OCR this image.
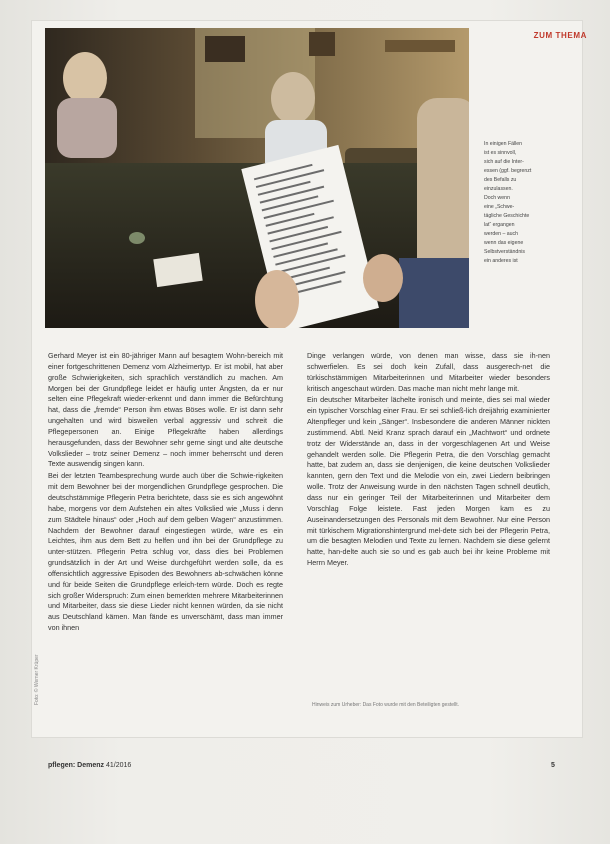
ZUM THEMA
In einigen Fällen
ist es sinnvoll,
sich auf die Inter-
essen (ggf. begrenzt
des Befalls zu
einzulassen.
Doch wenn
eine „Schwe-
tägliche Geschichte
lat“ ergangen
werden – auch
wenn das eigene
Selbstverständnis
ein anderes ist

Gerhard Meyer ist ein 80-jähriger Mann auf besagtem Wohn-bereich mit einer fortgeschrittenen Demenz vom Alzheimertyp. Er ist mobil, hat aber große Schwierigkeiten, sich sprachlich verständlich zu machen. Am Morgen bei der Grundpflege leidet er häufig unter Ängsten, da er nur selten eine Pflegekraft wieder-erkennt und dann immer die Befürchtung hat, dass die „fremde“ Person ihm etwas Böses wolle. Er ist dann sehr ungehalten und wird bisweilen verbal aggressiv und schreit die Pflegepersonen an. Einige Pflegekräfte haben allerdings herausgefunden, dass der Bewohner sehr gerne singt und alte deutsche Volkslieder – trotz seiner Demenz – noch immer beherrscht und deren Texte auswendig singen kann.

Bei der letzten Teambesprechung wurde auch über die Schwie-rigkeiten mit dem Bewohner bei der morgendlichen Grundpflege gesprochen. Die deutschstämmige Pflegerin Petra berichtete, dass sie es sich angewöhnt habe, morgens vor dem Aufstehen ein altes Volkslied wie „Muss i denn zum Städtele hinaus“ oder „Hoch auf dem gelben Wagen“ anzustimmen. Nachdem der Bewohner darauf eingestiegen würde, wäre es ein Leichtes, ihm aus dem Bett zu helfen und ihn bei der Grundpflege zu unter-stützen. Pflegerin Petra schlug vor, dass dies bei Problemen grundsätzlich in der Art und Weise durchgeführt werden solle, da es offensichtlich aggressive Episoden des Bewohners ab-schwächen könne und für beide Seiten die Grundpflege erleich-tern würde. Doch es regte sich großer Widerspruch: Zum einen bemerkten mehrere Mitarbeiterinnen und Mitarbeiter, dass sie diese Lieder nicht kennen würden, da sie nicht aus Deutschland kämen. Man fände es unverschämt, dass man immer von ihnen

Dinge verlangen würde, von denen man wisse, dass sie ih-nen schwerfielen. Es sei doch kein Zufall, dass ausgerech-net die türkischstämmigen Mitarbeiterinnen und Mitarbeiter wieder besonders kritisch angeschaut würden. Das mache man nicht mehr lange mit.

Ein deutscher Mitarbeiter lächelte ironisch und meinte, dies sei mal wieder ein typischer Vorschlag einer Frau. Er sei schließ-lich dreijährig examinierter Altenpfleger und kein „Sänger“. Insbesondere die anderen Männer nickten zustimmend. Abtl. Neid Kranz sprach darauf ein „Machtwort“ und ordnete trotz der Widerstände an, dass in der vorgeschlagenen Art und Weise gehandelt werden solle. Die Pflegerin Petra, die den Vorschlag gemacht hatte, bat zudem an, dass sie denjenigen, die keine deutschen Volkslieder kannten, gern den Text und die Melodie von ein, zwei Liedern beibringen wolle. Trotz der Anweisung wurde in den nächsten Tagen schnell deutlich, dass nur ein geringer Teil der Mitarbeiterinnen und Mitarbeiter dem Vorschlag Folge leistete. Fast jeden Morgen kam es zu Auseinandersetzungen des Personals mit dem Bewohner. Nur eine Person mit türkischem Migrationshintergrund mel-dete sich bei der Pflegerin Petra, um die besagten Melodien und Texte zu lernen. Nachdem sie diese gelernt hatte, han-delte auch sie so und es gab auch bei ihr keine Probleme mit Herrn Meyer.

Hinweis zum Urheber: Das Foto wurde mit den Beteiligten gestellt.
Foto: © Werner Krüper
pflegen: Demenz 41/2016	5
